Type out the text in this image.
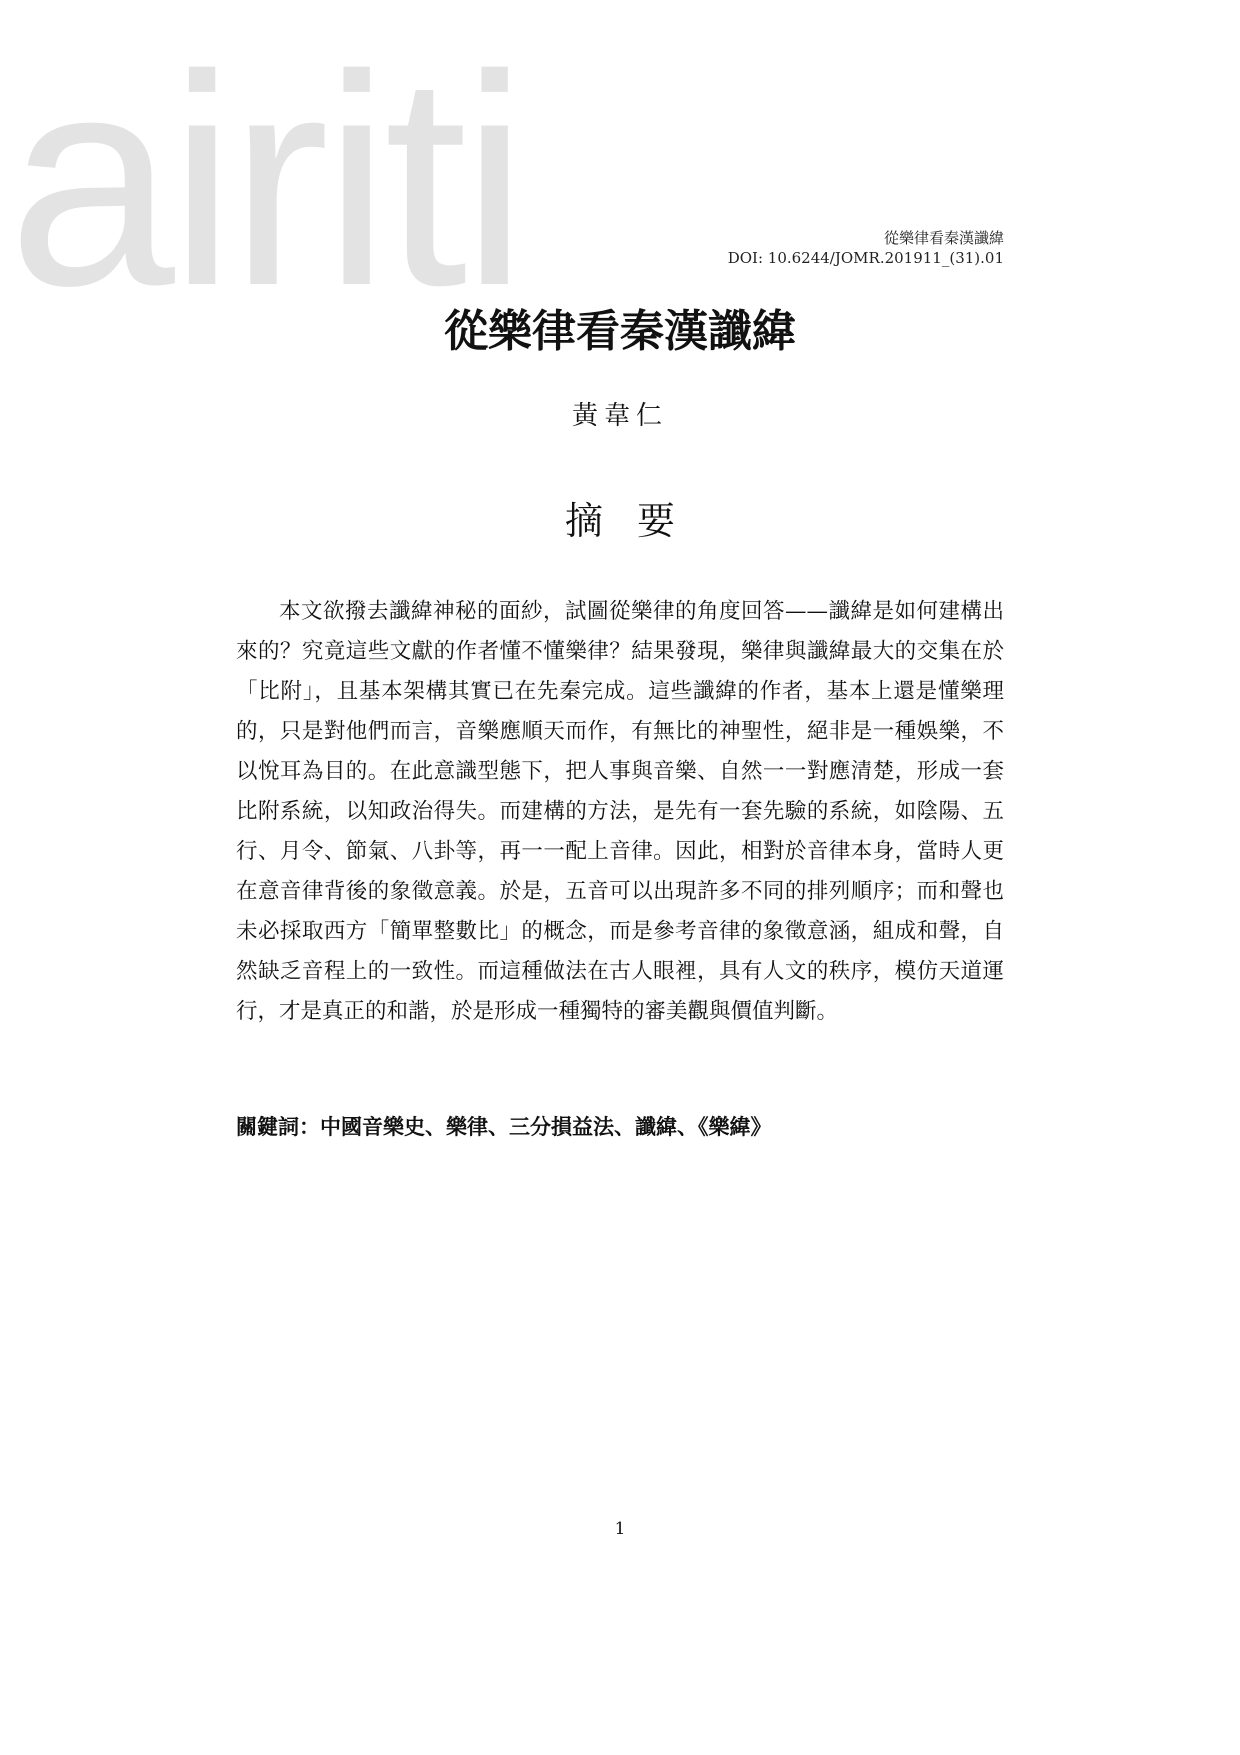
airiti	從樂律看秦漢讖緯
DOI: 10.6244/JOMR.201911_(31).01
從樂律看秦漢讖緯
黃韋仁
摘要

本文欲撥去讖緯神秘的面紗，試圖從樂律的角度回答——讖緯是如何建構出來的？究竟這些文獻的作者懂不懂樂律？結果發現，樂律與讖緯最大的交集在於「比附」，且基本架構其實已在先秦完成。這些讖緯的作者，基本上還是懂樂理的，只是對他們而言，音樂應順天而作，有無比的神聖性，絕非是一種娛樂，不以悅耳為目的。在此意識型態下，把人事與音樂、自然一一對應清楚，形成一套比附系統，以知政治得失。而建構的方法，是先有一套先驗的系統，如陰陽、五行、月令、節氣、八卦等，再一一配上音律。因此，相對於音律本身，當時人更在意音律背後的象徵意義。於是，五音可以出現許多不同的排列順序；而和聲也未必採取西方「簡單整數比」的概念，而是參考音律的象徵意涵，組成和聲，自然缺乏音程上的一致性。而這種做法在古人眼裡，具有人文的秩序，模仿天道運行，才是真正的和諧，於是形成一種獨特的審美觀與價值判斷。

關鍵詞：中國音樂史、樂律、三分損益法、讖緯、《樂緯》
1
